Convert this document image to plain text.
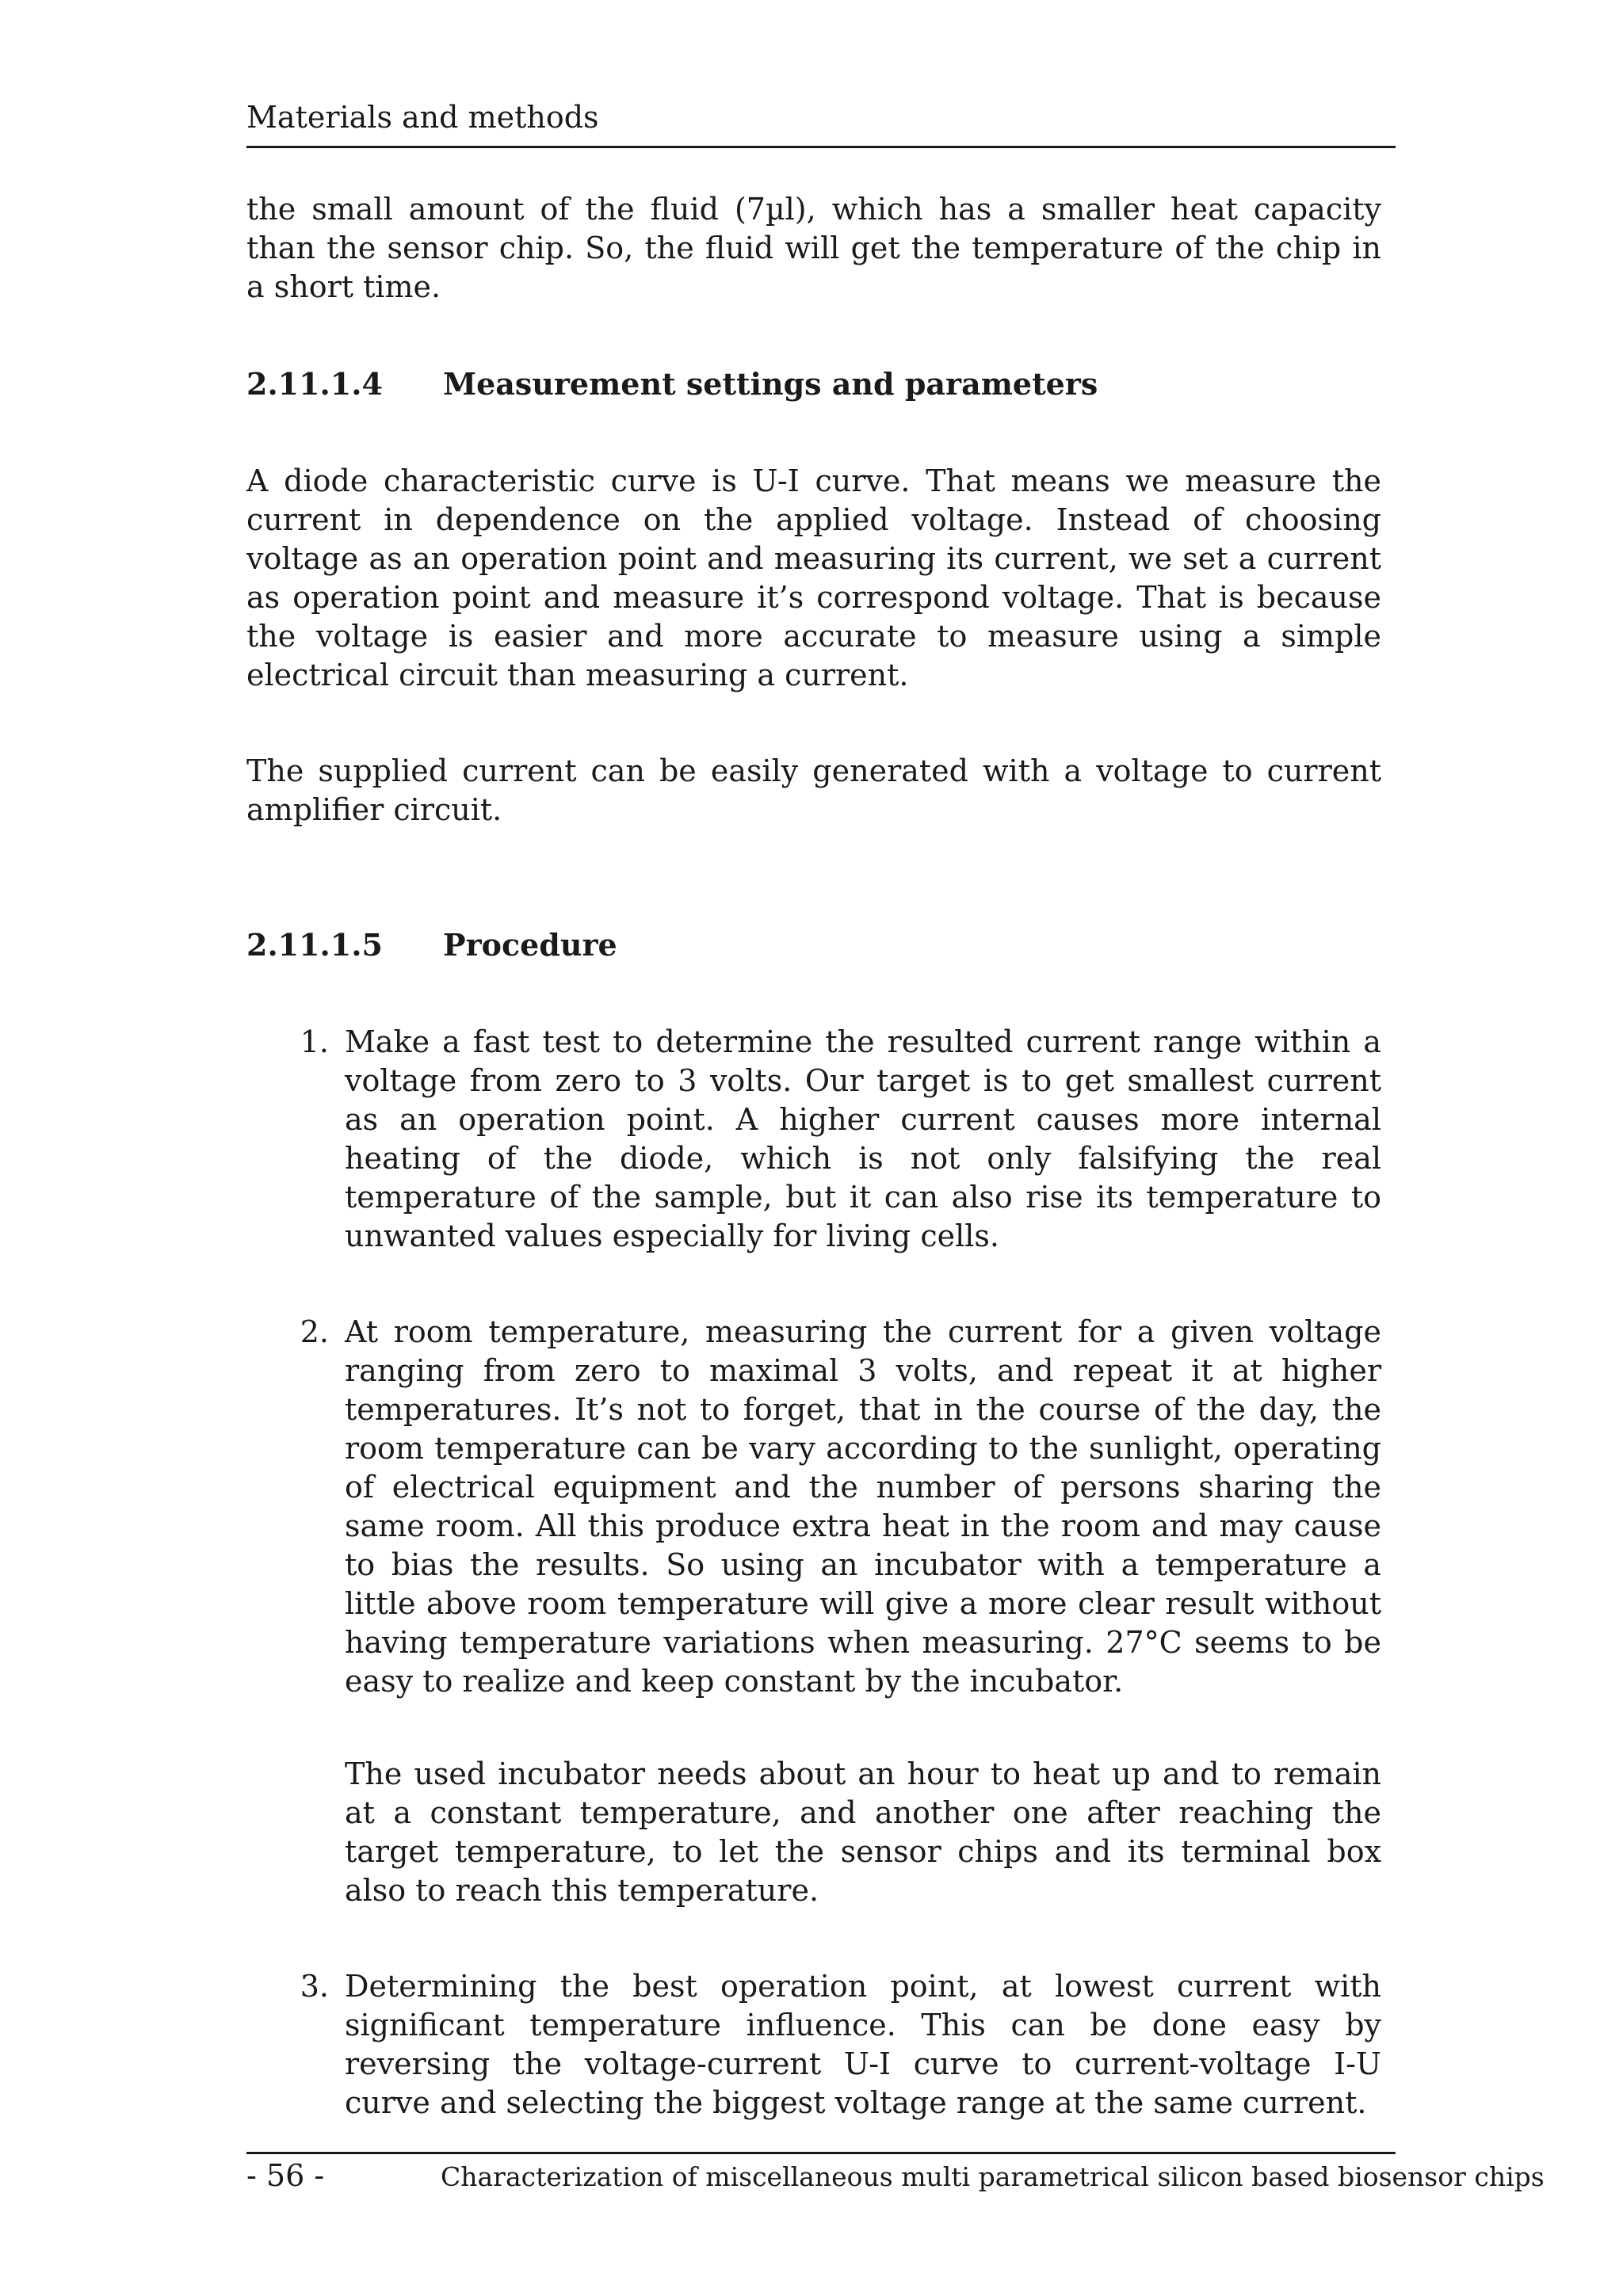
Materials and methods

the small amount of the fluid (7µl), which has a smaller heat capacity than the sensor chip. So, the fluid will get the temperature of the chip in a short time.

2.11.1.4	Measurement settings and parameters

A diode characteristic curve is U-I curve. That means we measure the current in dependence on the applied voltage. Instead of choosing voltage as an operation point and measuring its current, we set a current as operation point and measure it’s correspond voltage. That is because the voltage is easier and more accurate to measure using a simple electrical circuit than measuring a current.

The supplied current can be easily generated with a voltage to current amplifier circuit.

2.11.1.5	Procedure
1. Make a fast test to determine the resulted current range within a voltage from zero to 3 volts. Our target is to get smallest current as an operation point. A higher current causes more internal heating of the diode, which is not only falsifying the real temperature of the sample, but it can also rise its temperature to unwanted values especially for living cells.

2. At room temperature, measuring the current for a given voltage ranging from zero to maximal 3 volts, and repeat it at higher temperatures. It’s not to forget, that in the course of the day, the room temperature can be vary according to the sunlight, operating of electrical equipment and the number of persons sharing the same room. All this produce extra heat in the room and may cause to bias the results. So using an incubator with a temperature a little above room temperature will give a more clear result without having temperature variations when measuring. 27°C seems to be easy to realize and keep constant by the incubator.

The used incubator needs about an hour to heat up and to remain at a constant temperature, and another one after reaching the target temperature, to let the sensor chips and its terminal box also to reach this temperature.

3. Determining the best operation point, at lowest current with significant temperature influence. This can be done easy by reversing the voltage-current U-I curve to current-voltage I-U curve and selecting the biggest voltage range at the same current.

- 56 -	Characterization of miscellaneous multi parametrical silicon based biosensor chips
